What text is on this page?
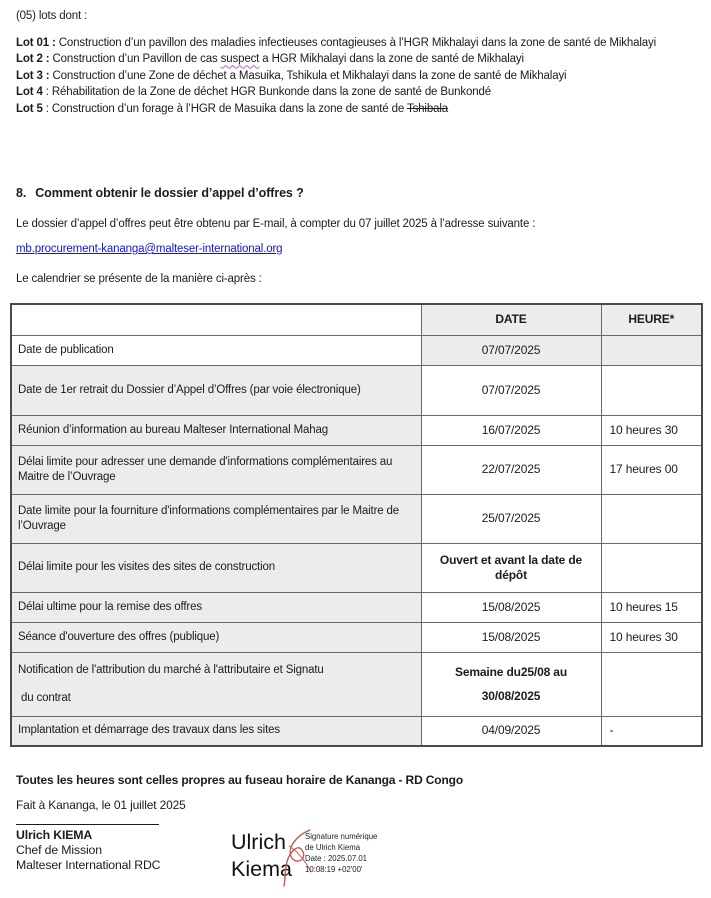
(05) lots dont :

Lot 01 : Construction d’un pavillon des maladies infectieuses contagieuses à l’HGR Mikhalayi dans la zone de santé de Mikhalayi

Lot 2 : Construction d’un Pavillon de cas suspect a HGR Mikhalayi dans la zone de santé de Mikhalayi

Lot 3 : Construction d’une Zone de déchet a Masuika, Tshikula et Mikhalayi dans la zone de santé de Mikhalayi

Lot 4 : Réhabilitation de la Zone de déchet HGR Bunkonde dans la zone de santé de Bunkondé

Lot 5 : Construction d’un forage à l’HGR de Masuika dans la zone de santé de Tshibala

8. Comment obtenir le dossier d’appel d’offres ?

Le dossier d’appel d’offres peut être obtenu par E-mail, à compter du 07 juillet 2025 à l’adresse suivante :

mb.procurement-kananga@malteser-international.org

Le calendrier se présente de la manière ci-après :

	DATE	HEURE*
Date de publication	07/07/2025	
Date de 1er retrait du Dossier d’Appel d’Offres (par voie électronique)	07/07/2025	
Réunion d’information au bureau Malteser International Mahag	16/07/2025	10 heures 30
Délai limite pour adresser une demande d'informations complémentaires au Maitre de l’Ouvrage	22/07/2025	17 heures 00
Date limite pour la fourniture d'informations complémentaires par le Maitre de l’Ouvrage	25/07/2025	
Délai limite pour les visites des sites de construction	Ouvert et avant la date de dépôt	
Délai ultime pour la remise des offres	15/08/2025	10 heures 15
Séance d'ouverture des offres (publique)	15/08/2025	10 heures 30

Notification de l'attribution du marché à l'attributaire et Signatu
du contrat	Semaine du25/08 au 30/08/2025	
Implantation et démarrage des travaux dans les sites	04/09/2025	-

Toutes les heures sont celles propres au fuseau horaire de Kananga - RD Congo

Fait à Kananga, le 01 juillet 2025

Ulrich KIEMA
Chef de Mission
Malteser International RDC
Ulrich
Kiema
Signature numérique
de Ulrich Kiema
Date : 2025.07.01
10:08:19 +02'00'
